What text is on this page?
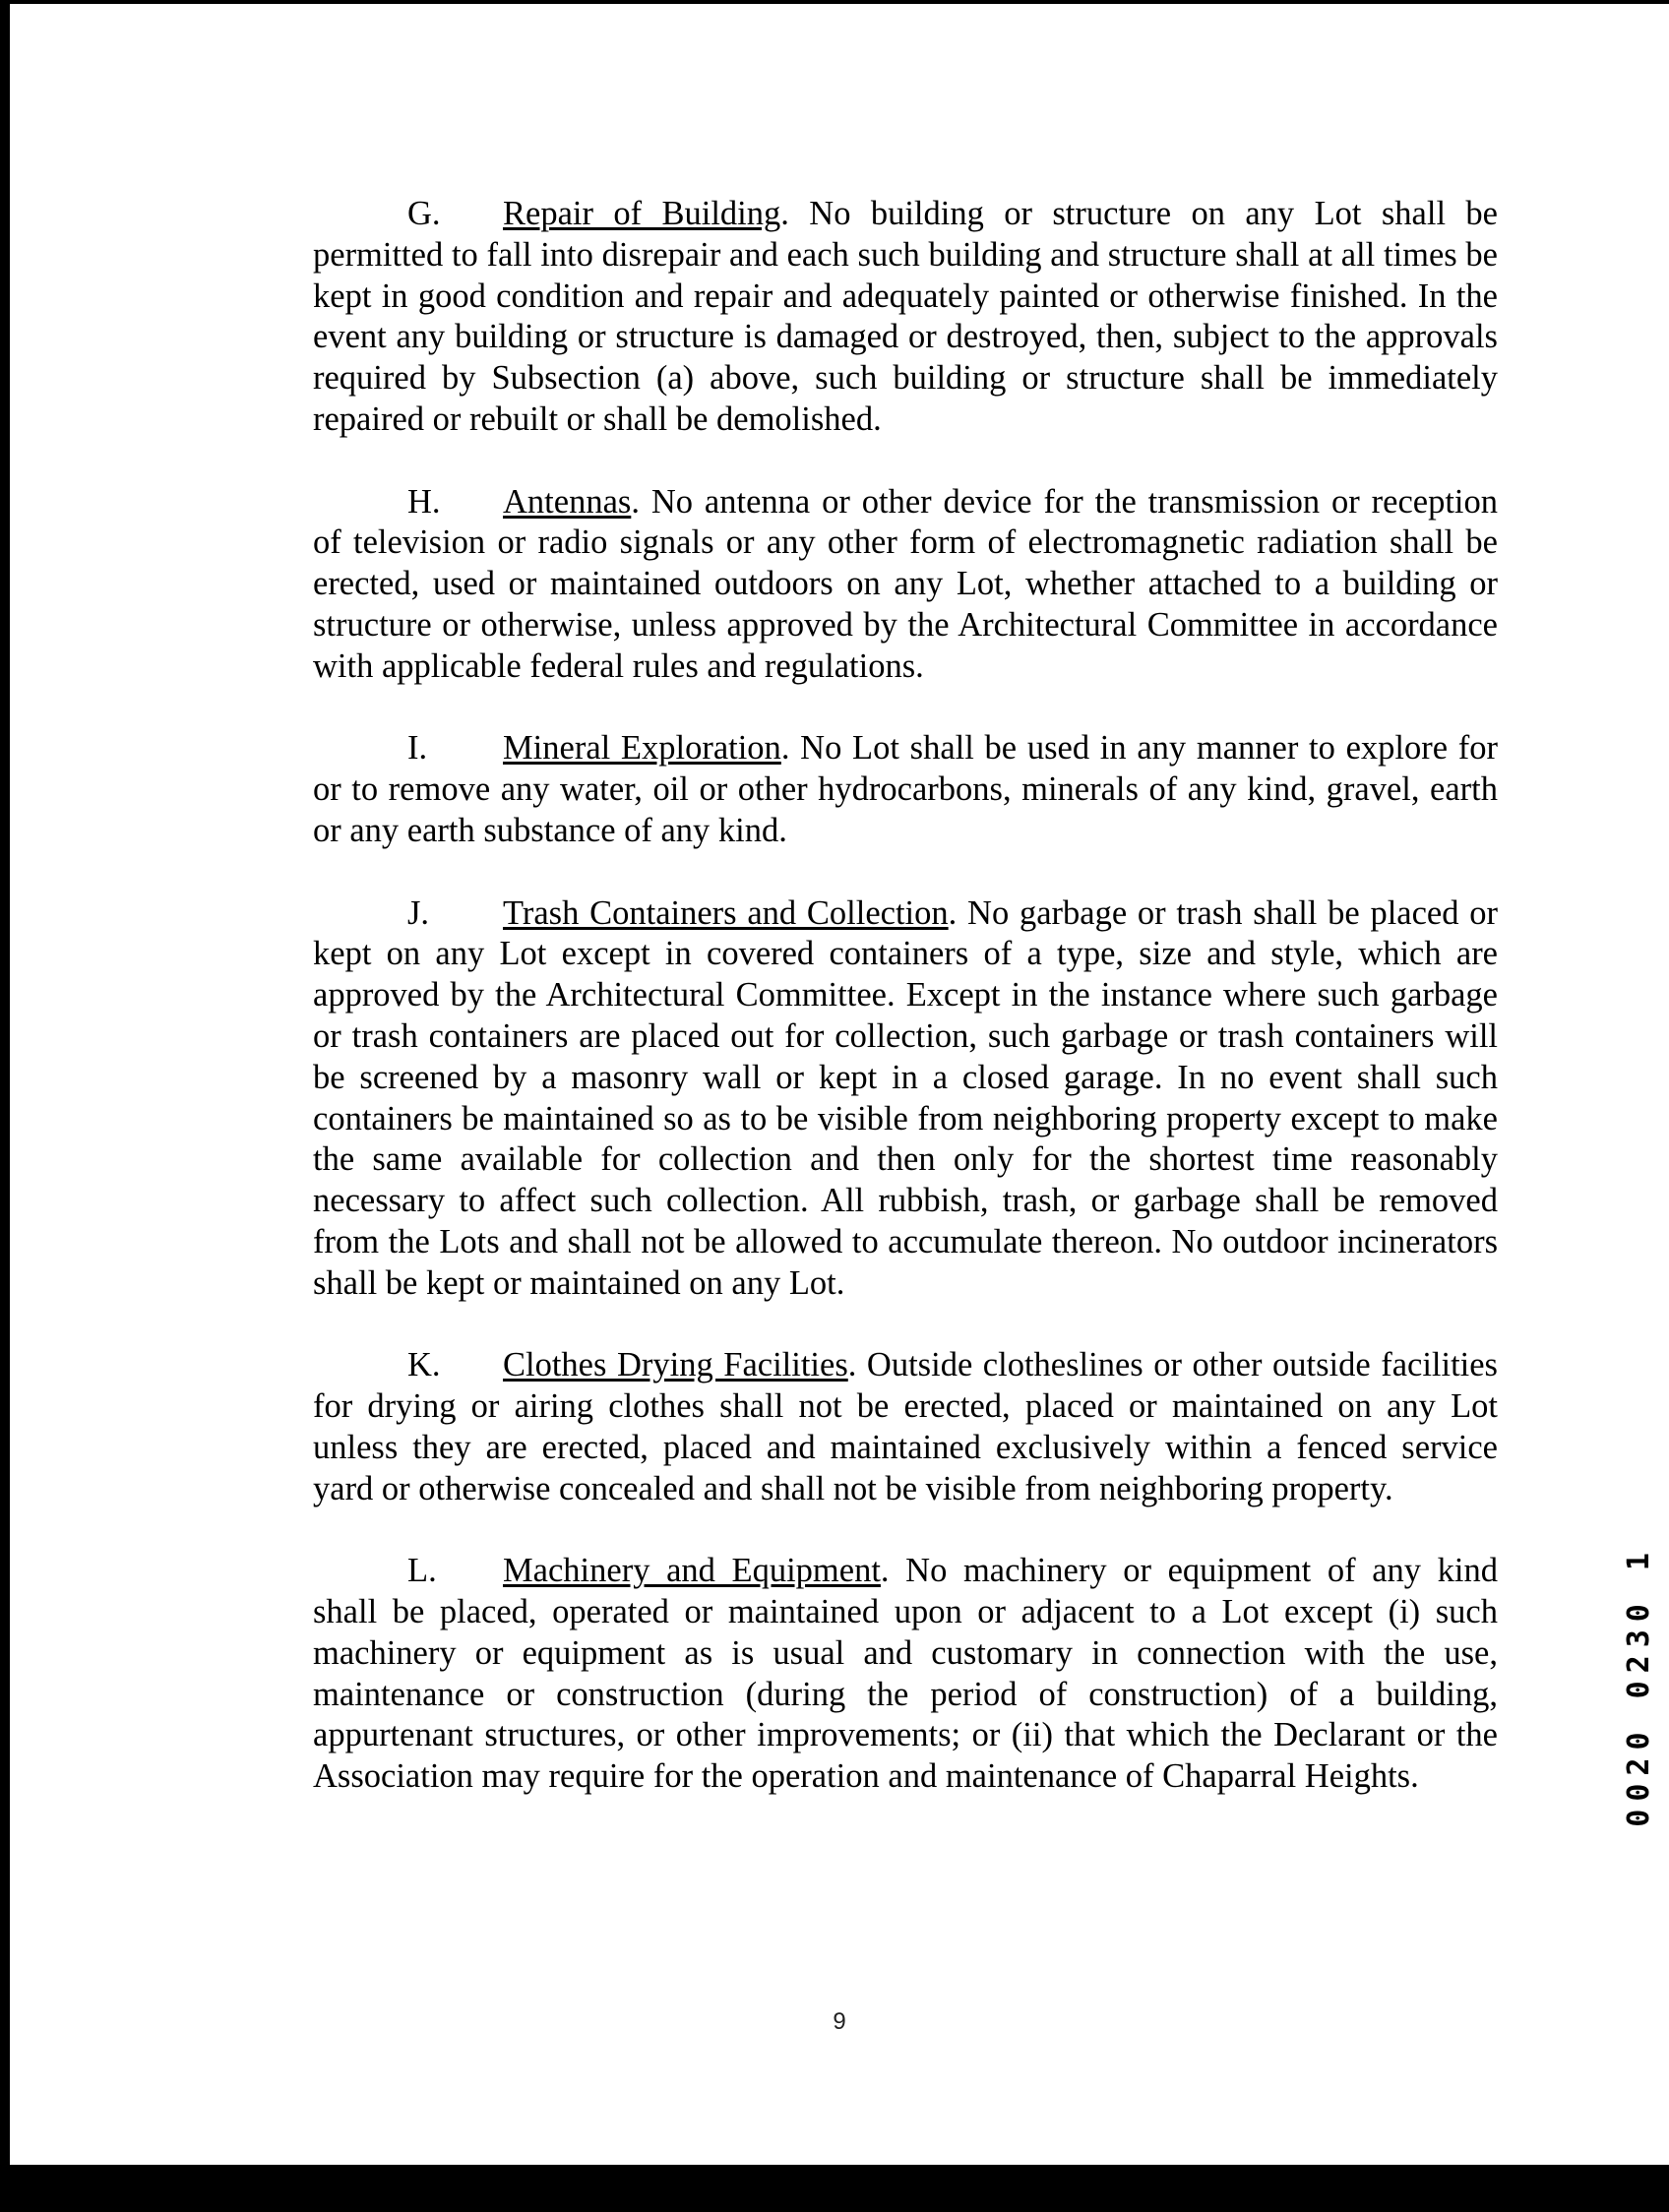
G. Repair of Building. No building or structure on any Lot shall be permitted to fall into disrepair and each such building and structure shall at all times be kept in good condition and repair and adequately painted or otherwise finished. In the event any building or structure is damaged or destroyed, then, subject to the approvals required by Subsection (a) above, such building or structure shall be immediately repaired or rebuilt or shall be demolished.

H. Antennas. No antenna or other device for the transmission or reception of television or radio signals or any other form of electromagnetic radiation shall be erected, used or maintained outdoors on any Lot, whether attached to a building or structure or otherwise, unless approved by the Architectural Committee in accordance with applicable federal rules and regulations.

I. Mineral Exploration. No Lot shall be used in any manner to explore for or to remove any water, oil or other hydrocarbons, minerals of any kind, gravel, earth or any earth substance of any kind.

J. Trash Containers and Collection. No garbage or trash shall be placed or kept on any Lot except in covered containers of a type, size and style, which are approved by the Architectural Committee. Except in the instance where such garbage or trash containers are placed out for collection, such garbage or trash containers will be screened by a masonry wall or kept in a closed garage. In no event shall such containers be maintained so as to be visible from neighboring property except to make the same available for collection and then only for the shortest time reasonably necessary to affect such collection. All rubbish, trash, or garbage shall be removed from the Lots and shall not be allowed to accumulate thereon. No outdoor incinerators shall be kept or maintained on any Lot.

K. Clothes Drying Facilities. Outside clotheslines or other outside facilities for drying or airing clothes shall not be erected, placed or maintained on any Lot unless they are erected, placed and maintained exclusively within a fenced service yard or otherwise concealed and shall not be visible from neighboring property.

L. Machinery and Equipment. No machinery or equipment of any kind shall be placed, operated or maintained upon or adjacent to a Lot except (i) such machinery or equipment as is usual and customary in connection with the use, maintenance or construction (during the period of construction) of a building, appurtenant structures, or other improvements; or (ii) that which the Declarant or the Association may require for the operation and maintenance of Chaparral Heights.

9
0020 0230 1
